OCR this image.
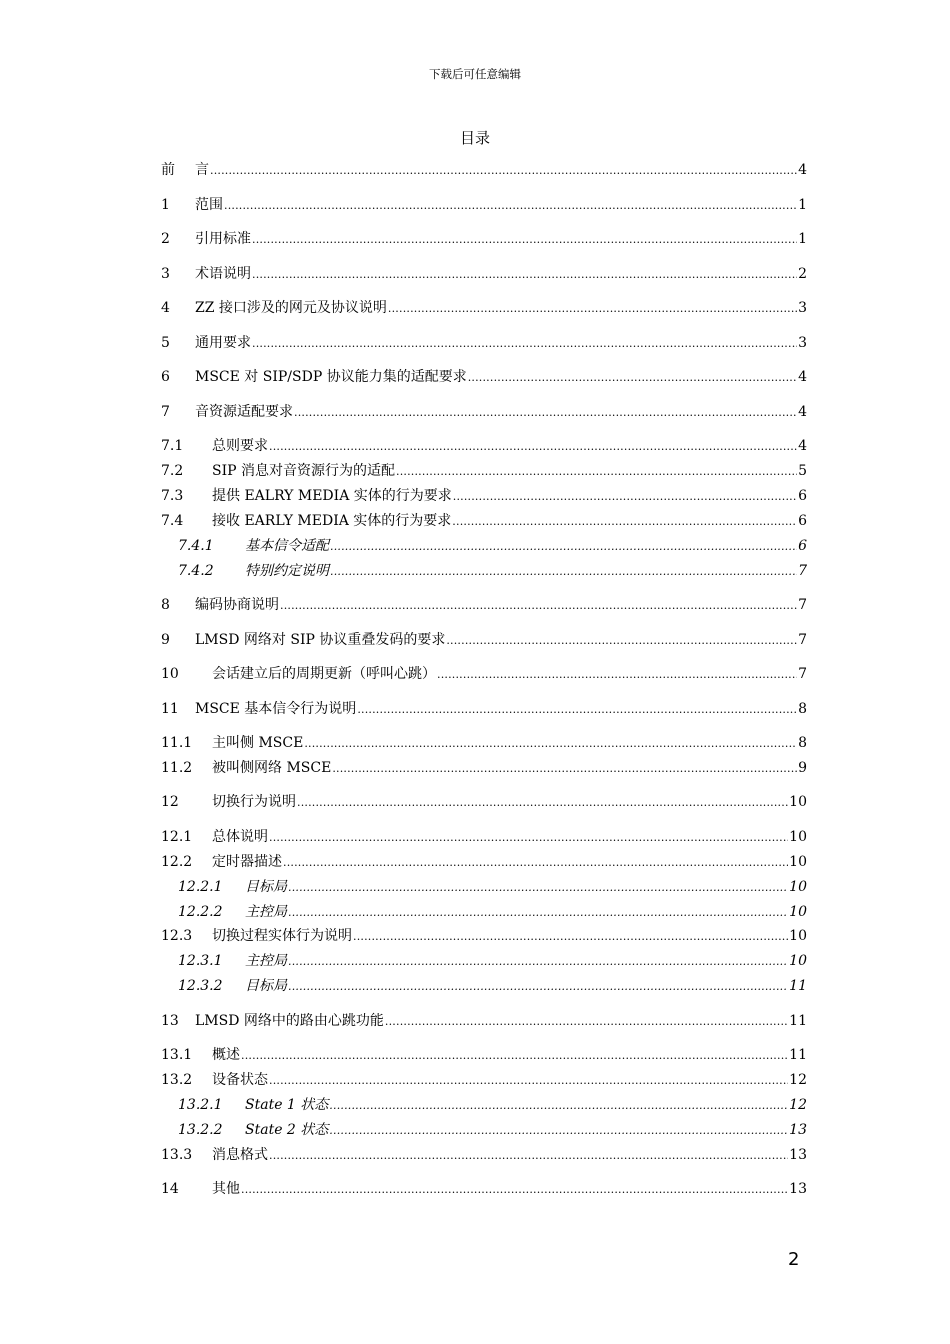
下载后可任意编辑
目录
前	言 .....	4
1	范围 .....	1
2	引用标准 .....	1
3	术语说明 .....	2
4	ZZ 接口涉及的网元及协议说明 .....	3
5	通用要求 .....	3
6	MSCE 对 SIP/SDP 协议能力集的适配要求 .....	4
7	音资源适配要求 .....	4
7.1	总则要求 .....	4
7.2	SIP 消息对音资源行为的适配 .....	5
7.3	提供 EALRY MEDIA 实体的行为要求 .....	6
7.4	接收 EARLY MEDIA 实体的行为要求 .....	6
7.4.1	基本信令适配 .....	6
7.4.2	特别约定说明 .....	7
8	编码协商说明 .....	7
9	LMSD 网络对 SIP 协议重叠发码的要求 .....	7
10	会话建立后的周期更新（呼叫心跳） .....	7
11	MSCE 基本信令行为说明 .....	8
11.1	主叫侧 MSCE .....	8
11.2	被叫侧网络 MSCE .....	9
12	切换行为说明 .....	10
12.1	总体说明 .....	10
12.2	定时器描述 .....	10
12.2.1	目标局 .....	10
12.2.2	主控局 .....	10
12.3	切换过程实体行为说明 .....	10
12.3.1	主控局 .....	10
12.3.2	目标局 .....	11
13	LMSD 网络中的路由心跳功能 .....	11
13.1	概述 .....	11
13.2	设备状态 .....	12
13.2.1	State 1 状态 .....	12
13.2.2	State 2 状态 .....	13
13.3	消息格式 .....	13
14	其他 .....	13
2
